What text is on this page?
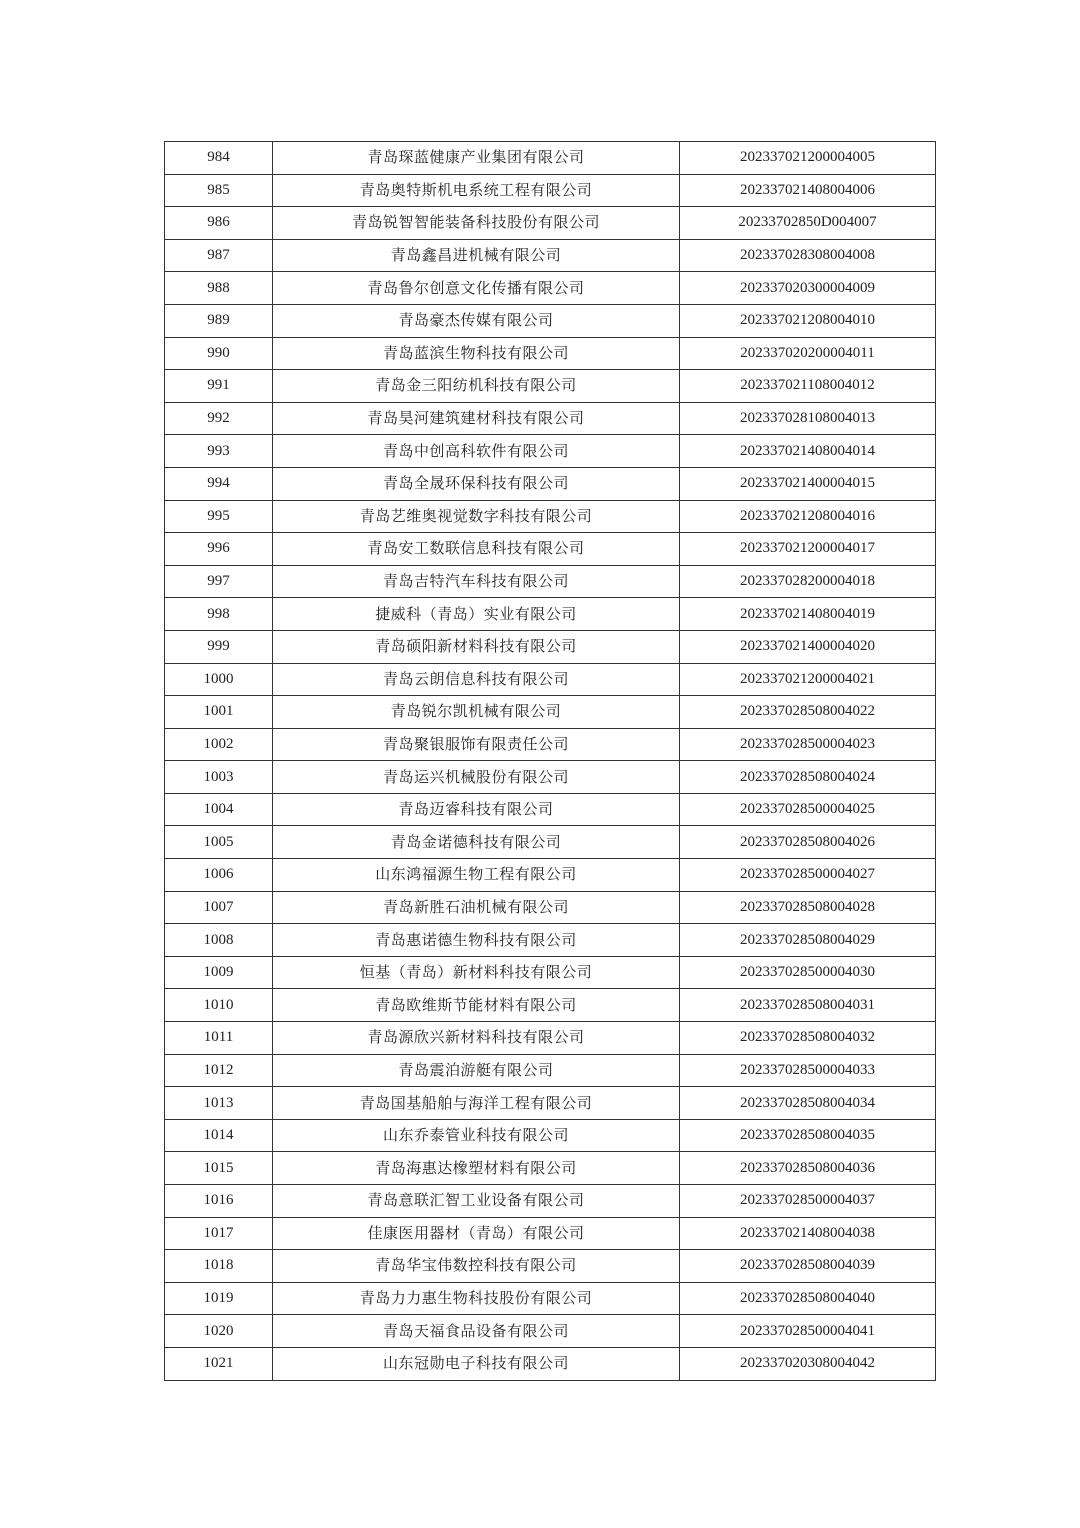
984	青岛琛蓝健康产业集团有限公司	202337021200004005
985	青岛奥特斯机电系统工程有限公司	202337021408004006
986	青岛锐智智能装备科技股份有限公司	20233702850D004007
987	青岛鑫昌进机械有限公司	202337028308004008
988	青岛鲁尔创意文化传播有限公司	202337020300004009
989	青岛豪杰传媒有限公司	202337021208004010
990	青岛蓝滨生物科技有限公司	202337020200004011
991	青岛金三阳纺机科技有限公司	202337021108004012
992	青岛昊河建筑建材科技有限公司	202337028108004013
993	青岛中创高科软件有限公司	202337021408004014
994	青岛全晟环保科技有限公司	202337021400004015
995	青岛艺维奥视觉数字科技有限公司	202337021208004016
996	青岛安工数联信息科技有限公司	202337021200004017
997	青岛吉特汽车科技有限公司	202337028200004018
998	捷威科（青岛）实业有限公司	202337021408004019
999	青岛硕阳新材料科技有限公司	202337021400004020
1000	青岛云朗信息科技有限公司	202337021200004021
1001	青岛锐尔凯机械有限公司	202337028508004022
1002	青岛聚银服饰有限责任公司	202337028500004023
1003	青岛运兴机械股份有限公司	202337028508004024
1004	青岛迈睿科技有限公司	202337028500004025
1005	青岛金诺德科技有限公司	202337028508004026
1006	山东鸿福源生物工程有限公司	202337028500004027
1007	青岛新胜石油机械有限公司	202337028508004028
1008	青岛惠诺德生物科技有限公司	202337028508004029
1009	恒基（青岛）新材料科技有限公司	202337028500004030
1010	青岛欧维斯节能材料有限公司	202337028508004031
1011	青岛源欣兴新材料科技有限公司	202337028508004032
1012	青岛震泊游艇有限公司	202337028500004033
1013	青岛国基船舶与海洋工程有限公司	202337028508004034
1014	山东乔泰管业科技有限公司	202337028508004035
1015	青岛海惠达橡塑材料有限公司	202337028508004036
1016	青岛意联汇智工业设备有限公司	202337028500004037
1017	佳康医用器材（青岛）有限公司	202337021408004038
1018	青岛华宝伟数控科技有限公司	202337028508004039
1019	青岛力力惠生物科技股份有限公司	202337028508004040
1020	青岛天福食品设备有限公司	202337028500004041
1021	山东冠勋电子科技有限公司	202337020308004042
